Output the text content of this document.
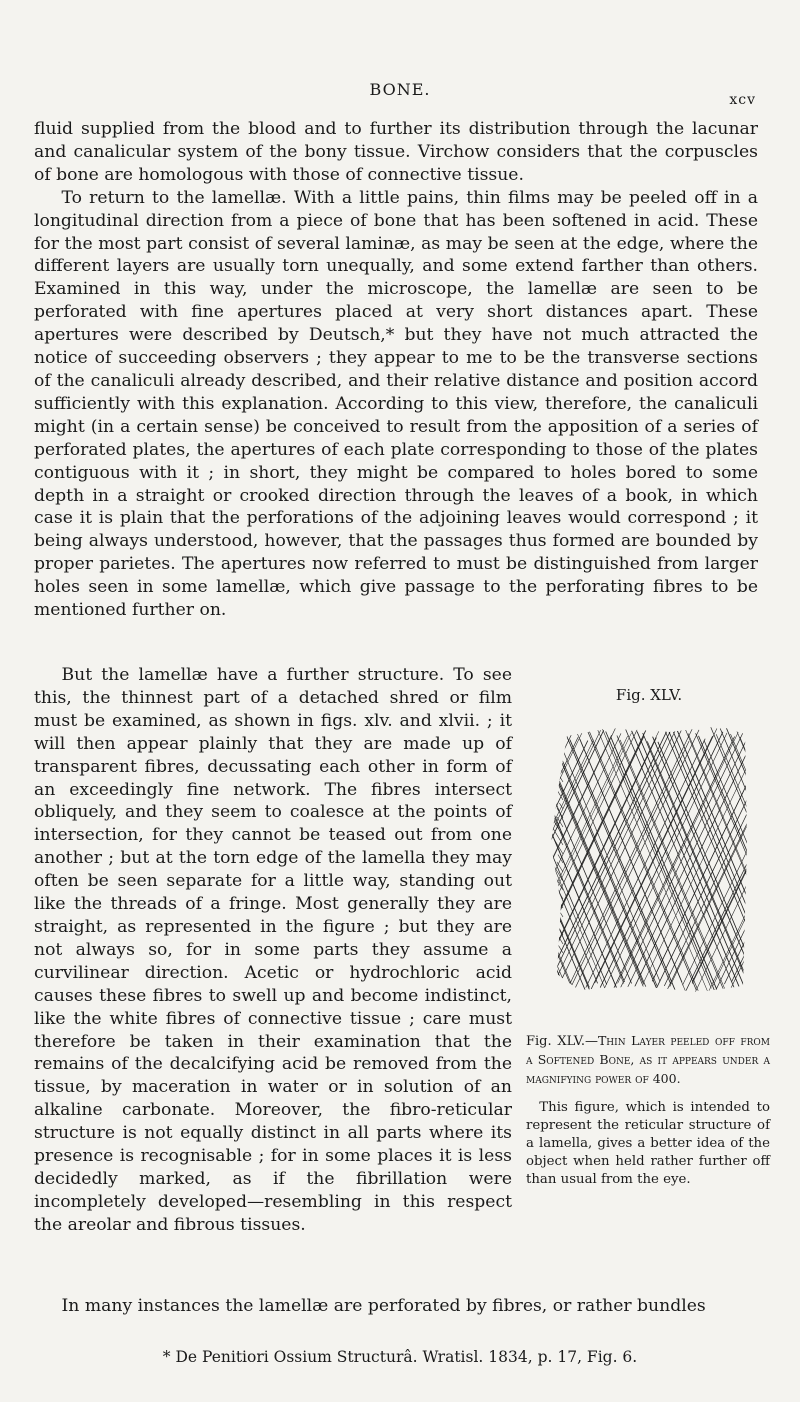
BONE.
xcv

fluid supplied from the blood and to further its distribution through the lacunar and canalicular system of the bony tissue. Virchow considers that the corpuscles of bone are homologous with those of connective tissue.

To return to the lamellæ. With a little pains, thin films may be peeled off in a longitudinal direction from a piece of bone that has been softened in acid. These for the most part consist of several laminæ, as may be seen at the edge, where the different layers are usually torn unequally, and some extend farther than others. Examined in this way, under the microscope, the lamellæ are seen to be perforated with fine apertures placed at very short distances apart. These apertures were described by Deutsch,* but they have not much attracted the notice of succeeding observers ; they appear to me to be the transverse sections of the canaliculi already described, and their relative distance and position accord sufficiently with this explanation. According to this view, therefore, the canaliculi might (in a certain sense) be conceived to result from the apposition of a series of perforated plates, the apertures of each plate corresponding to those of the plates contiguous with it ; in short, they might be compared to holes bored to some depth in a straight or crooked direction through the leaves of a book, in which case it is plain that the perforations of the adjoining leaves would correspond ; it being always understood, however, that the passages thus formed are bounded by proper parietes. The apertures now referred to must be distinguished from larger holes seen in some lamellæ, which give passage to the perforating fibres to be mentioned further on.

But the lamellæ have a further structure. To see this, the thinnest part of a detached shred or film must be examined, as shown in figs. xlv. and xlvii. ; it will then appear plainly that they are made up of transparent fibres, decussating each other in form of an exceedingly fine network. The fibres intersect obliquely, and they seem to coalesce at the points of intersection, for they cannot be teased out from one another ; but at the torn edge of the lamella they may often be seen separate for a little way, standing out like the threads of a fringe. Most generally they are straight, as represented in the figure ; but they are not always so, for in some parts they assume a curvilinear direction. Acetic or hydrochloric acid causes these fibres to swell up and become indistinct, like the white fibres of connective tissue ; care must therefore be taken in their examination that the remains of the decalcifying acid be removed from the tissue, by maceration in water or in solution of an alkaline carbonate. Moreover, the fibro-reticular structure is not equally distinct in all parts where its presence is recognisable ; for in some places it is less decidedly marked, as if the fibrillation were incompletely developed—resembling in this respect the areolar and fibrous tissues.

Fig. XLV.

Fig. XLV.—Thin Layer peeled off from a Softened Bone, as it appears under a magnifying power of 400.

This figure, which is intended to represent the reticular structure of a lamella, gives a better idea of the object when held rather further off than usual from the eye.

In many instances the lamellæ are perforated by fibres, or rather bundles

* De Penitiori Ossium Structurâ. Wratisl. 1834, p. 17, Fig. 6.
